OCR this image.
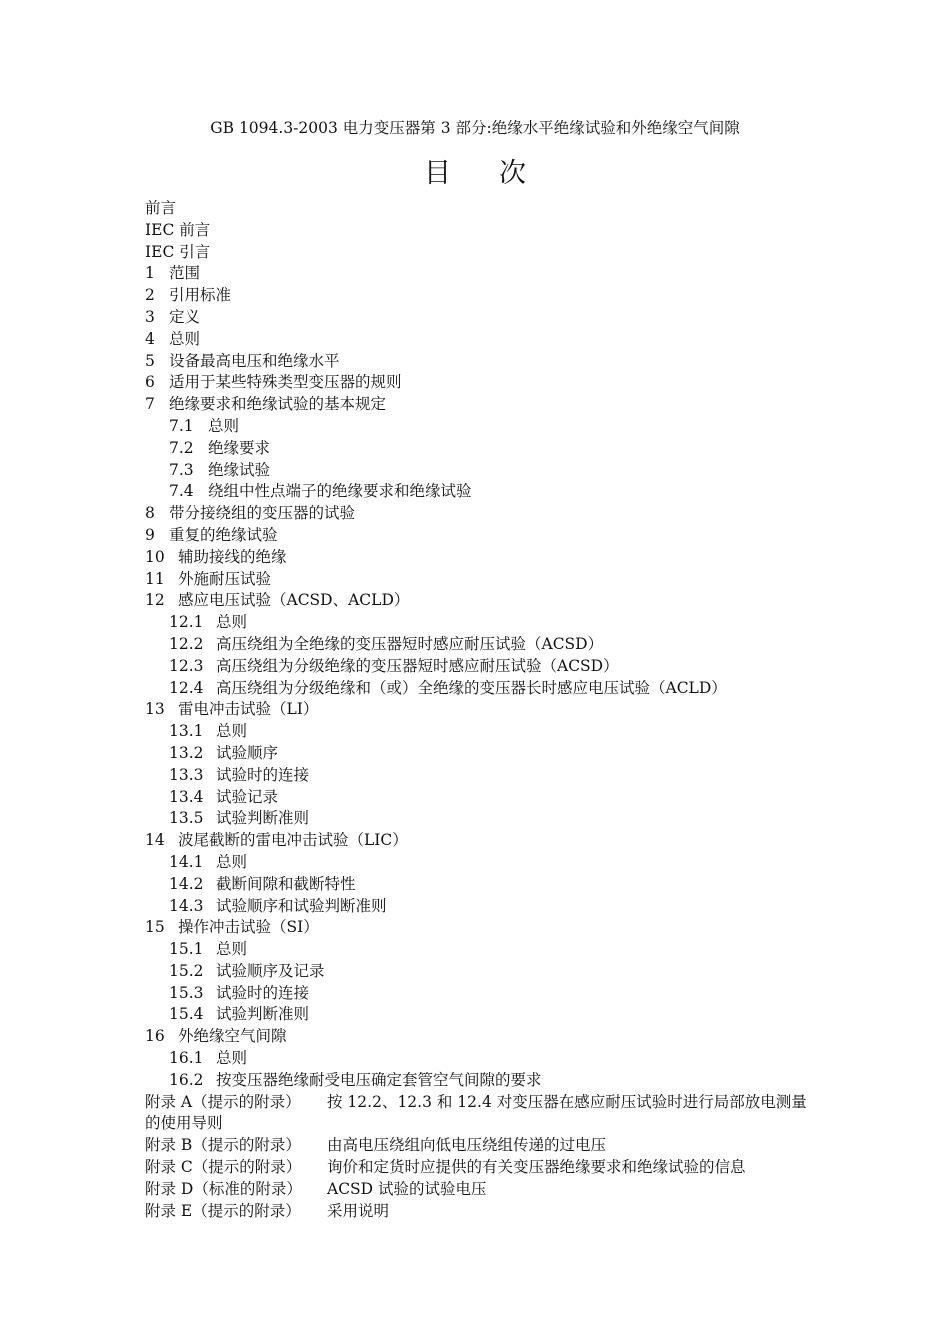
GB 1094.3-2003 电力变压器第 3 部分:绝缘水平绝缘试验和外绝缘空气间隙
目 次
前言
IEC 前言
IEC 引言
1 范围
2 引用标准
3 定义
4 总则
5 设备最高电压和绝缘水平
6 适用于某些特殊类型变压器的规则
7 绝缘要求和绝缘试验的基本规定
7.1 总则
7.2 绝缘要求
7.3 绝缘试验
7.4 绕组中性点端子的绝缘要求和绝缘试验
8 带分接绕组的变压器的试验
9 重复的绝缘试验
10 辅助接线的绝缘
11 外施耐压试验
12 感应电压试验（ACSD、ACLD）
12.1 总则
12.2 高压绕组为全绝缘的变压器短时感应耐压试验（ACSD）
12.3 高压绕组为分级绝缘的变压器短时感应耐压试验（ACSD）
12.4 高压绕组为分级绝缘和（或）全绝缘的变压器长时感应电压试验（ACLD）
13 雷电冲击试验（LI）
13.1 总则
13.2 试验顺序
13.3 试验时的连接
13.4 试验记录
13.5 试验判断准则
14 波尾截断的雷电冲击试验（LIC）
14.1 总则
14.2 截断间隙和截断特性
14.3 试验顺序和试验判断准则
15 操作冲击试验（SI）
15.1 总则
15.2 试验顺序及记录
15.3 试验时的连接
15.4 试验判断准则
16 外绝缘空气间隙
16.1 总则
16.2 按变压器绝缘耐受电压确定套管空气间隙的要求
附录 A（提示的附录） 按 12.2、12.3 和 12.4 对变压器在感应耐压试验时进行局部放电测量的使用导则
附录 B（提示的附录） 由高电压绕组向低电压绕组传递的过电压
附录 C（提示的附录） 询价和定货时应提供的有关变压器绝缘要求和绝缘试验的信息
附录 D（标准的附录） ACSD 试验的试验电压
附录 E（提示的附录） 采用说明
